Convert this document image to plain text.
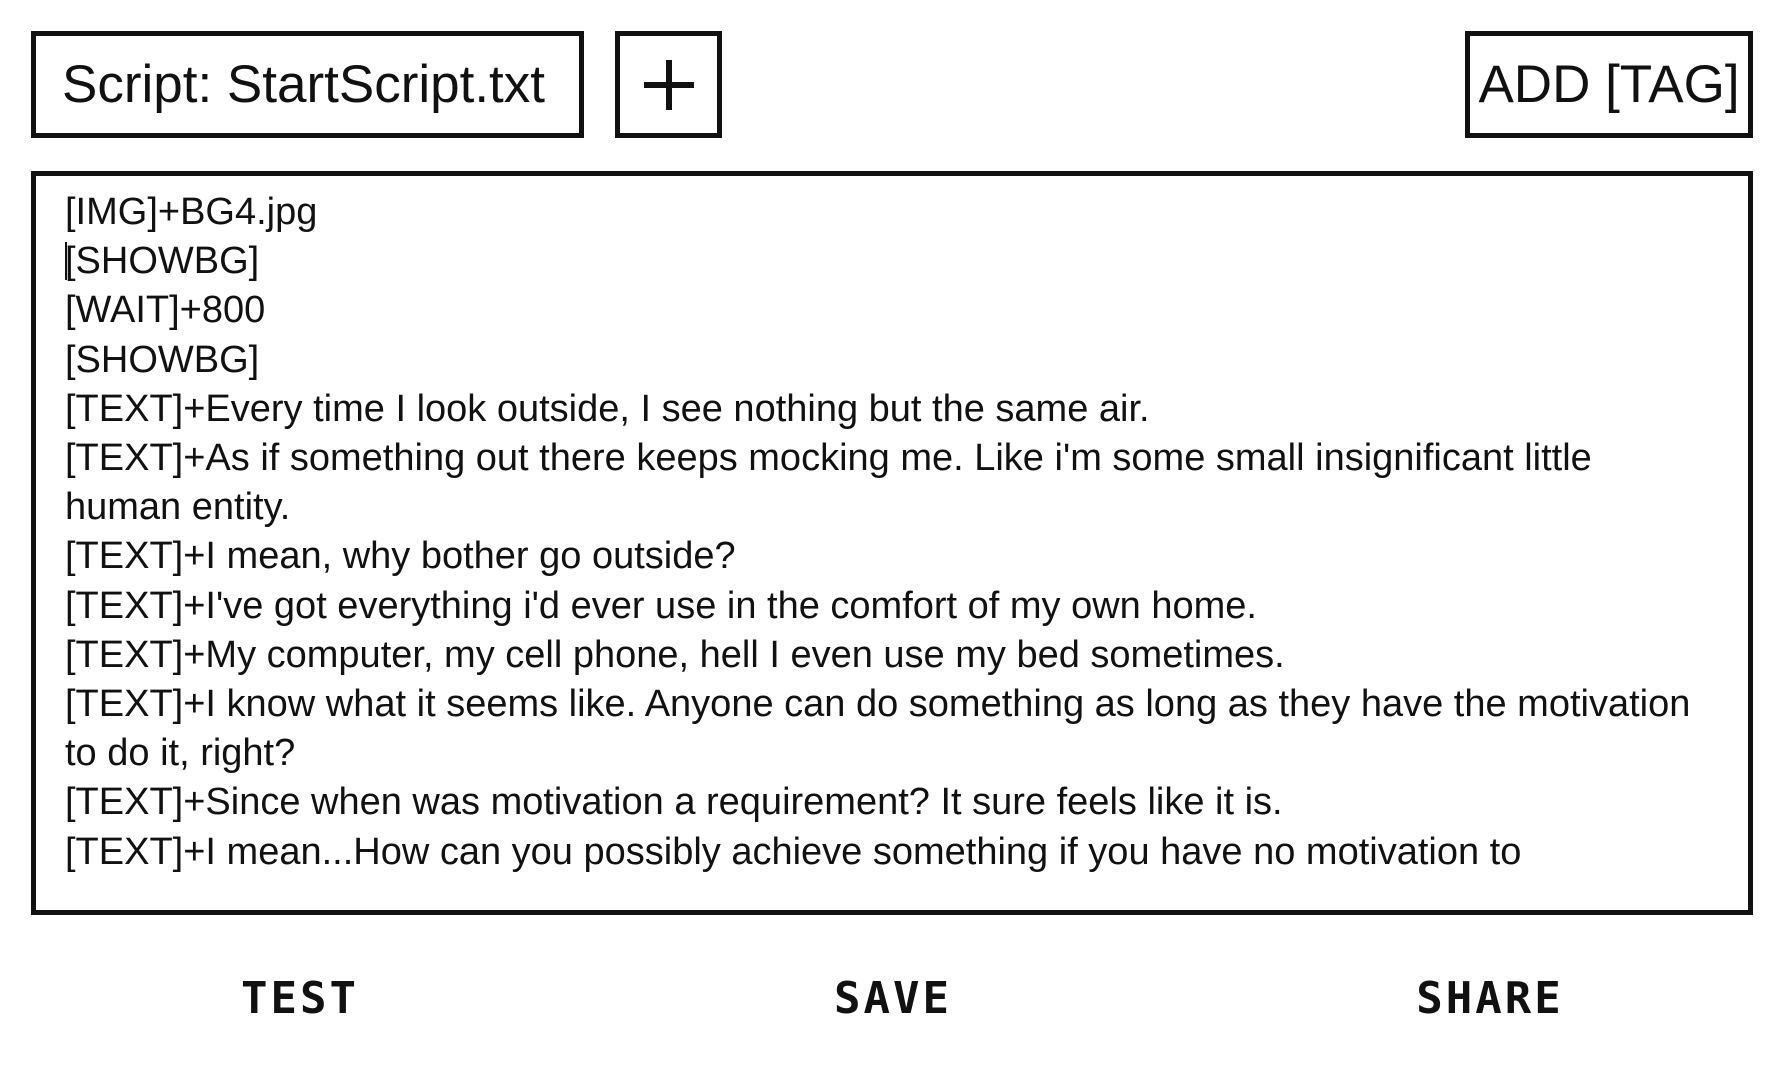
Script: StartScript.txt	ADD [TAG]
[IMG]+BG4.jpg
[SHOWBG]
[WAIT]+800
[SHOWBG]
[TEXT]+Every time I look outside, I see nothing but the same air.
[TEXT]+As if something out there keeps mocking me. Like i'm some small insignificant little human entity.
[TEXT]+I mean, why bother go outside?
[TEXT]+I've got everything i'd ever use in the comfort of my own home.
[TEXT]+My computer, my cell phone, hell I even use my bed sometimes.
[TEXT]+I know what it seems like. Anyone can do something as long as they have the motivation to do it, right?
[TEXT]+Since when was motivation a requirement? It sure feels like it is.
[TEXT]+I mean...How can you possibly achieve something if you have no motivation to
TEST	SAVE	SHARE
